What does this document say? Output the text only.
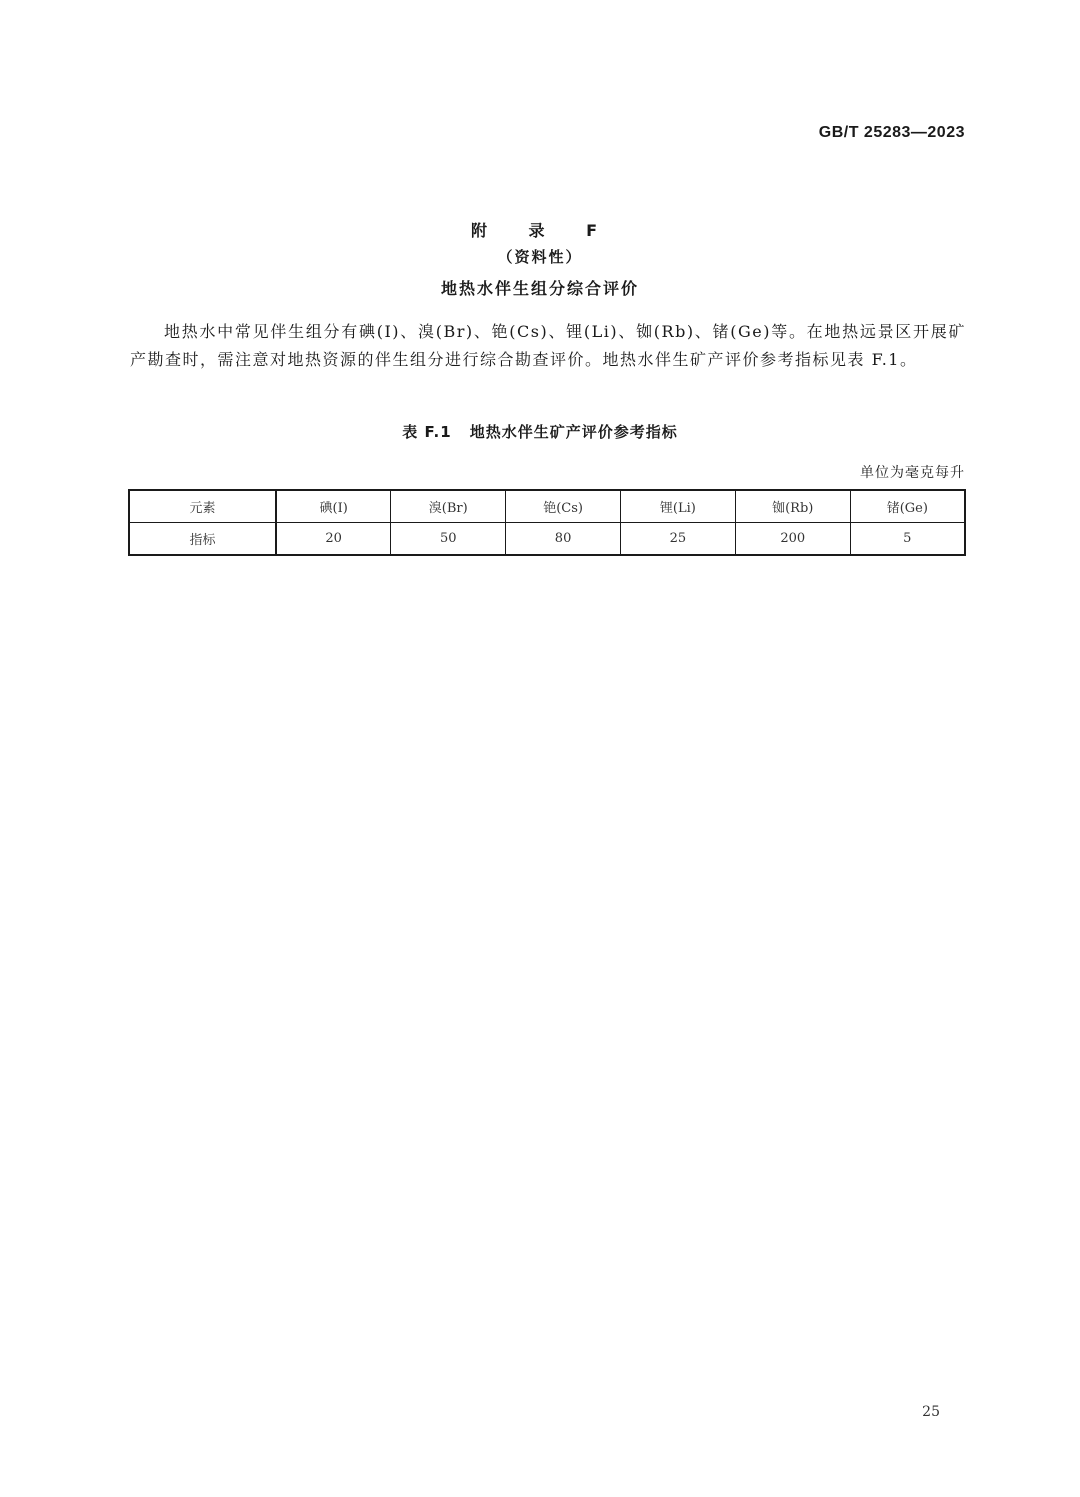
GB/T 25283—2023
附 录 F
（资料性）
地热水伴生组分综合评价

地热水中常见伴生组分有碘(I)、溴(Br)、铯(Cs)、锂(Li)、铷(Rb)、锗(Ge)等。在地热远景区开展矿产勘查时，需注意对地热资源的伴生组分进行综合勘查评价。地热水伴生矿产评价参考指标见表 F.1。

表 F.1 地热水伴生矿产评价参考指标
单位为毫克每升
元素	碘(I)	溴(Br)	铯(Cs)	锂(Li)	铷(Rb)	锗(Ge)
指标	20	50	80	25	200	5
25
